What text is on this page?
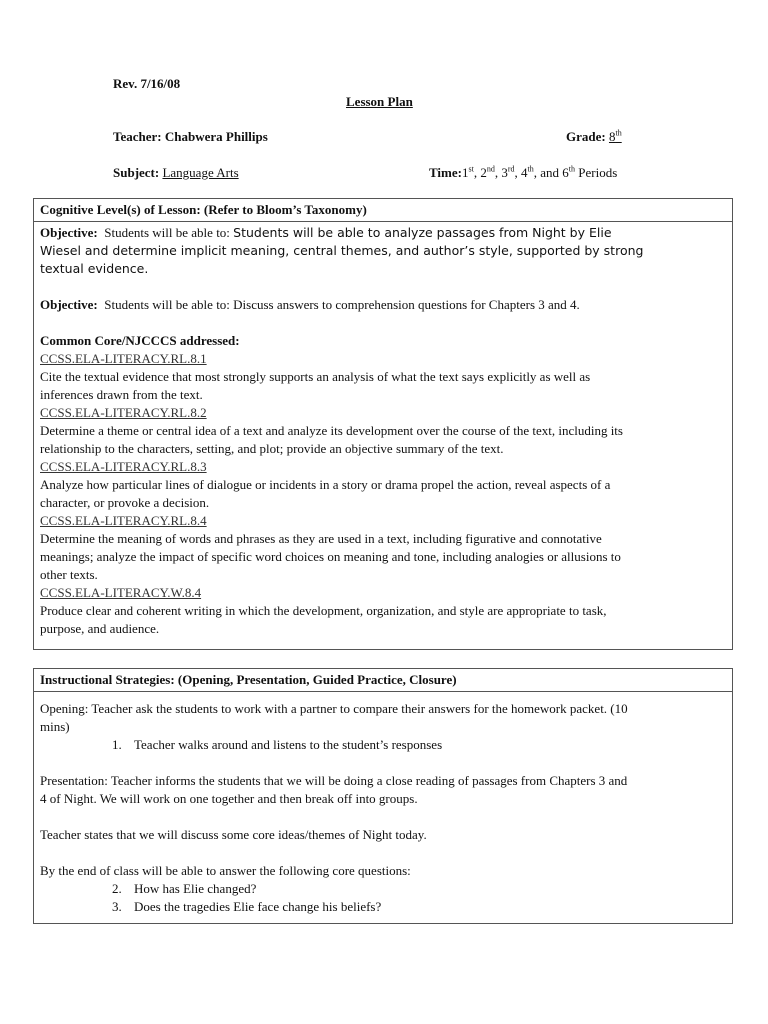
Rev. 7/16/08
Lesson Plan
Teacher: Chabwera Phillips	Grade: 8th
Subject: Language Arts	Time:1st, 2nd, 3rd, 4th, and 6th Periods
Cognitive Level(s) of Lesson: (Refer to Bloom’s Taxonomy)
Objective: Students will be able to: Students will be able to analyze passages from Night by Elie
Wiesel and determine implicit meaning, central themes, and author’s style, supported by strong
textual evidence.
Objective: Students will be able to: Discuss answers to comprehension questions for Chapters 3 and 4.
Common Core/NJCCCS addressed:
CCSS.ELA-LITERACY.RL.8.1
Cite the textual evidence that most strongly supports an analysis of what the text says explicitly as well as
inferences drawn from the text.
CCSS.ELA-LITERACY.RL.8.2
Determine a theme or central idea of a text and analyze its development over the course of the text, including its
relationship to the characters, setting, and plot; provide an objective summary of the text.
CCSS.ELA-LITERACY.RL.8.3
Analyze how particular lines of dialogue or incidents in a story or drama propel the action, reveal aspects of a
character, or provoke a decision.
CCSS.ELA-LITERACY.RL.8.4
Determine the meaning of words and phrases as they are used in a text, including figurative and connotative
meanings; analyze the impact of specific word choices on meaning and tone, including analogies or allusions to
other texts.
CCSS.ELA-LITERACY.W.8.4
Produce clear and coherent writing in which the development, organization, and style are appropriate to task,
purpose, and audience.
Instructional Strategies: (Opening, Presentation, Guided Practice, Closure)
Opening: Teacher ask the students to work with a partner to compare their answers for the homework packet. (10
mins)
1. Teacher walks around and listens to the student’s responses
Presentation: Teacher informs the students that we will be doing a close reading of passages from Chapters 3 and
4 of Night. We will work on one together and then break off into groups.
Teacher states that we will discuss some core ideas/themes of Night today.
By the end of class will be able to answer the following core questions:
2. How has Elie changed?
3. Does the tragedies Elie face change his beliefs?
